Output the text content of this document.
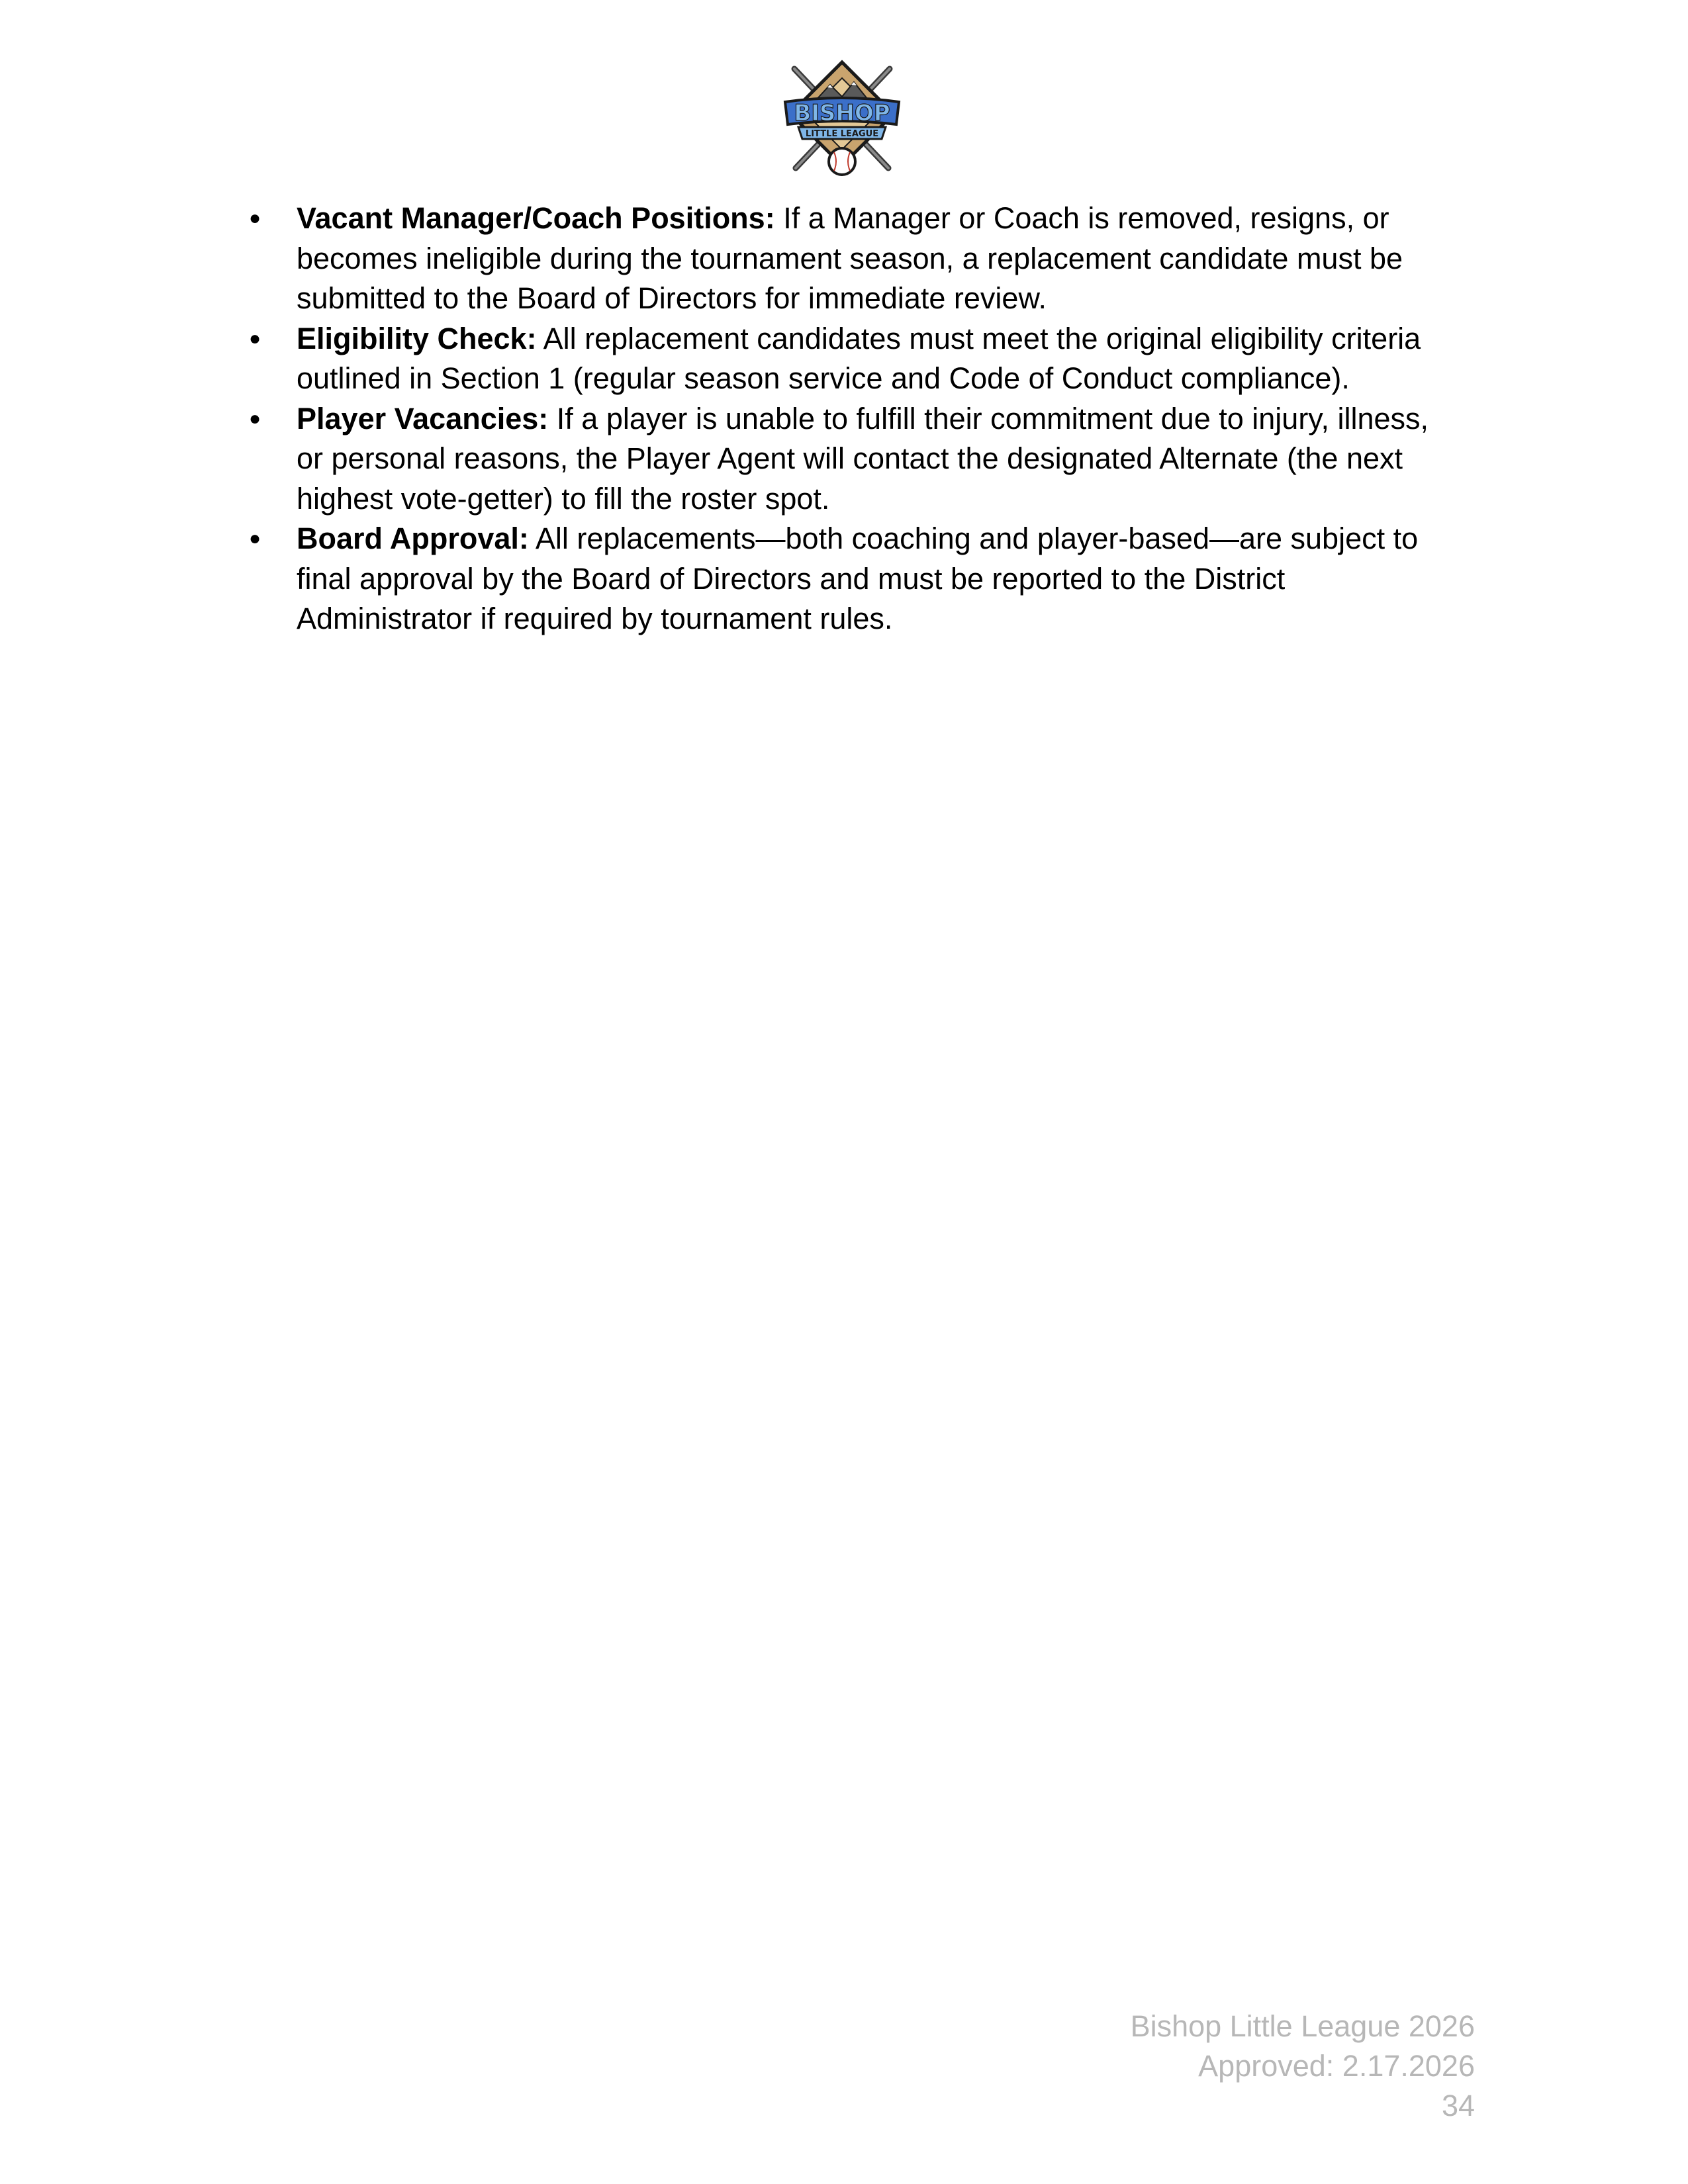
BISHOP
LITTLE LEAGUE
● Vacant Manager/Coach Positions: If a Manager or Coach is removed, resigns, or becomes ineligible during the tournament season, a replacement candidate must be submitted to the Board of Directors for immediate review.
● Eligibility Check: All replacement candidates must meet the original eligibility criteria outlined in Section 1 (regular season service and Code of Conduct compliance).
● Player Vacancies: If a player is unable to fulfill their commitment due to injury, illness, or personal reasons, the Player Agent will contact the designated Alternate (the next highest vote-getter) to fill the roster spot.
● Board Approval: All replacements—both coaching and player-based—are subject to final approval by the Board of Directors and must be reported to the District Administrator if required by tournament rules.
Bishop Little League 2026
Approved: 2.17.2026
34
